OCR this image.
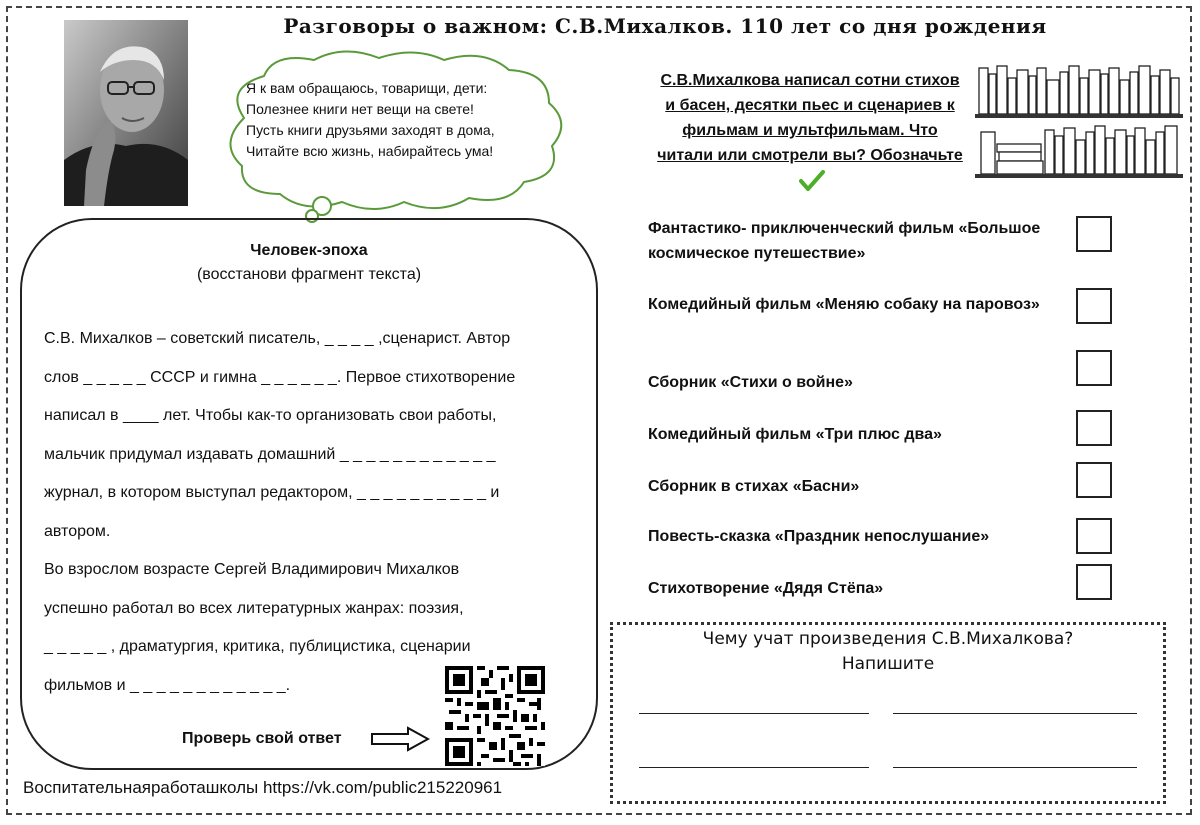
Разговоры о важном: С.В.Михалков. 110 лет со дня рождения
Я к вам обращаюсь, товарищи, дети:
Полезнее книги нет вещи на свете!
Пусть книги друзьями заходят в дома,
Читайте всю жизнь, набирайтесь ума!
Человек-эпоха
(восстанови фрагмент текста)
С.В. Михалков – советский писатель, _ _ _ _ ,сценарист. Автор
слов _ _ _ _ _ СССР и гимна _ _ _ _ _ _. Первое стихотворение
написал в ____ лет. Чтобы как-то организовать свои работы,
мальчик придумал издавать домашний _ _ _ _ _ _ _ _ _ _ _ _
журнал, в котором выступал редактором, _ _ _ _ _ _ _ _ _ _ и
автором.
Во взрослом возрасте Сергей Владимирович Михалков
успешно работал во всех литературных жанрах: поэзия,
_ _ _ _ _ , драматургия, критика, публицистика, сценарии
фильмов и _ _ _ _ _ _ _ _ _ _ _ _.
Проверь свой ответ
Воспитательнаяработашколы https://vk.com/public215220961
С.В.Михалкова написал сотни стихов и басен, десятки пьес и сценариев к фильмам и мультфильмам. Что читали или смотрели вы? Обозначьте
Фантастико- приключенческий фильм «Большое космическое путешествие»
Комедийный фильм «Меняю собаку на паровоз»
Сборник «Стихи о войне»
Комедийный фильм «Три плюс два»
Сборник в стихах «Басни»
Повесть-сказка «Праздник непослушание»
Стихотворение «Дядя Стёпа»
Чему учат произведения С.В.Михалкова?
Напишите
